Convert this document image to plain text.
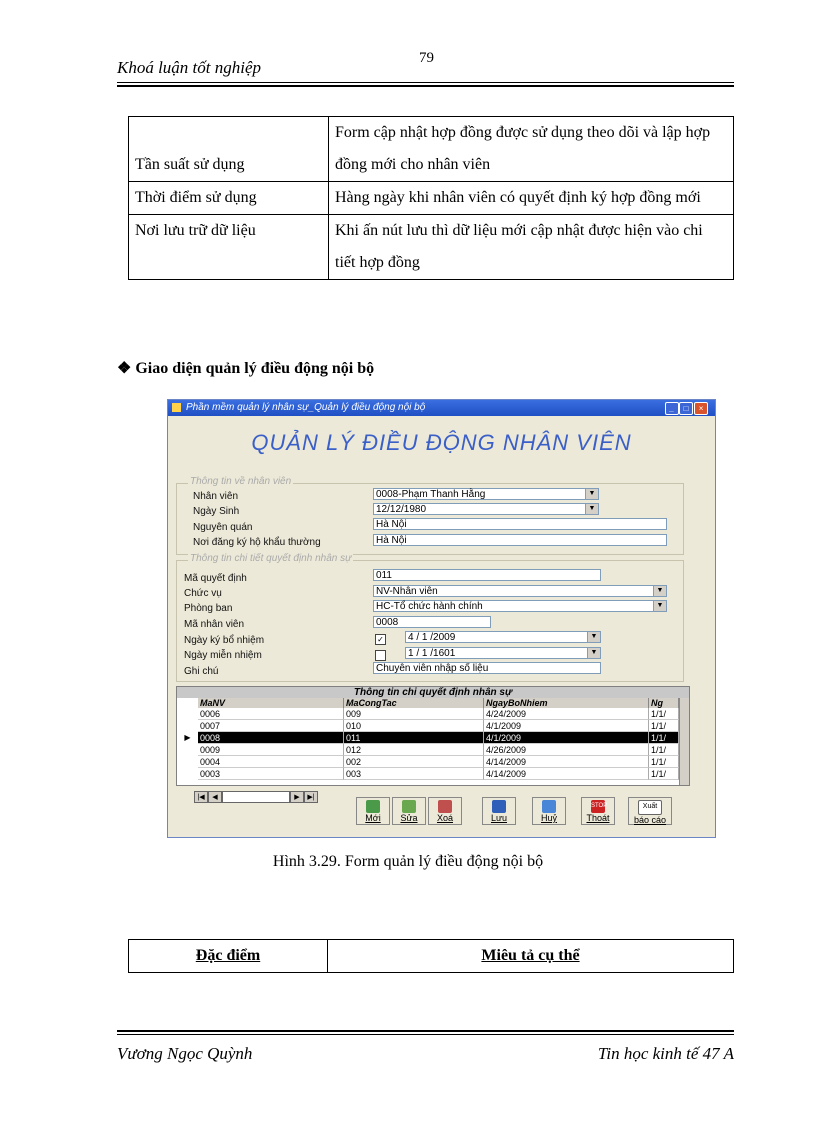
Khoá luận tốt nghiệp	79
Tần suất sử dụng	Form cập nhật hợp đồng được sử dụng theo dõi và lập hợp đồng mới cho nhân viên
Thời điểm sử dụng	Hàng ngày khi nhân viên có quyết định ký hợp đồng mới
Nơi lưu trữ dữ liệu	Khi ấn nút lưu thì dữ liệu mới cập nhật được hiện vào chi tiết hợp đồng
❖ Giao diện quản lý điều động nội bộ
Phần mềm quản lý nhân sự_Quản lý điều động nội bộ	_	□	×
QUẢN LÝ ĐIỀU ĐỘNG NHÂN VIÊN
Thông tin về nhân viên
Nhân viên	0008-Phạm Thanh Hằng	▼
Ngày Sinh	12/12/1980	▼
Nguyên quán	Hà Nội
Nơi đăng ký hộ khẩu thường	Hà Nội
Thông tin chi tiết quyết định nhân sự
Mã quyết định	011
Chức vụ	NV-Nhân viên	▼
Phòng ban	HC-Tổ chức hành chính	▼
Mã nhân viên	0008
Ngày ký bổ nhiệm	✓	4 / 1 /2009	▼
Ngày miễn nhiệm	1 / 1 /1601	▼
Ghi chú	Chuyên viên nhập số liệu
Thông tin chi quyết định nhân sự
MaNV	MaCongTac	NgayBoNhiem	Ng
0006	009	4/24/2009	1/1/
0007	010	4/1/2009	1/1/
▶	0008	011	4/1/2009	1/1/
0009	012	4/26/2009	1/1/
0004	002	4/14/2009	1/1/
0003	003	4/14/2009	1/1/
|◀	◀	▶	▶|
Mới	Sửa	Xoá	Lưu	Huỷ
STOP
Thoát
Xuất
báo cáo
Hình 3.29. Form quản lý điều động nội bộ
Đặc điểm	Miêu tả cụ thể
Vương Ngọc Quỳnh	Tin học kinh tế 47 A
